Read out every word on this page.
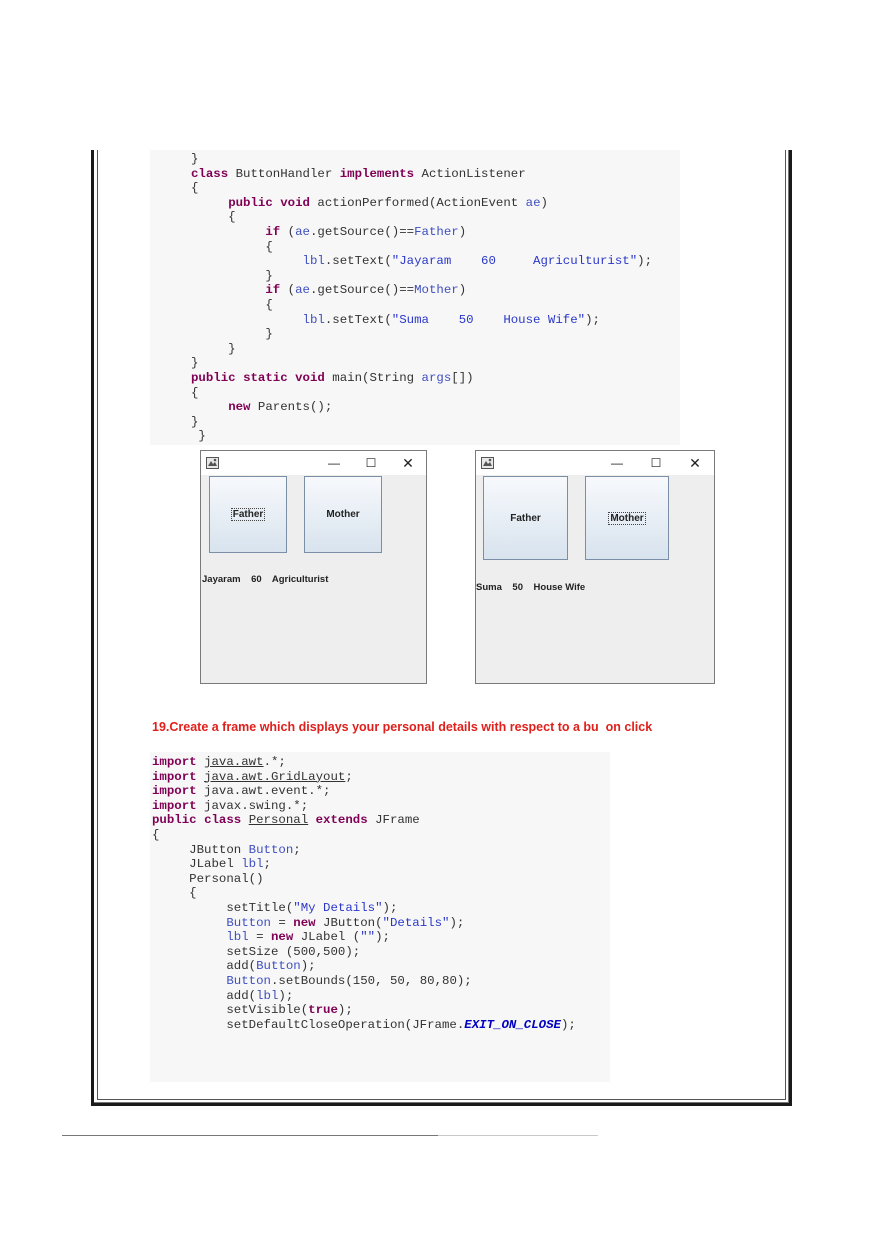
}
class ButtonHandler implements ActionListener
{
public void actionPerformed(ActionEvent ae)
{
if (ae.getSource()==Father)
{
lbl.setText("Jayaram    60     Agriculturist");
}
if (ae.getSource()==Mother)
{
lbl.setText("Suma    50    House Wife");
}
}
}
public static void main(String args[])
{
new Parents();
}
}
—	☐	✕
Father	Mother
Jayaram    60    Agriculturist
—	☐	✕
Father	Mother
Suma    50    House Wife
19.Create a frame which displays your personal details with respect to a bu  on click
import java.awt.*;
import java.awt.GridLayout;
import java.awt.event.*;
import javax.swing.*;
public class Personal extends JFrame
{
JButton Button;
JLabel lbl;
Personal()
{
setTitle("My Details");
Button = new JButton("Details");
lbl = new JLabel ("");
setSize (500,500);
add(Button);
Button.setBounds(150, 50, 80,80);
add(lbl);
setVisible(true);
setDefaultCloseOperation(JFrame.EXIT_ON_CLOSE);
